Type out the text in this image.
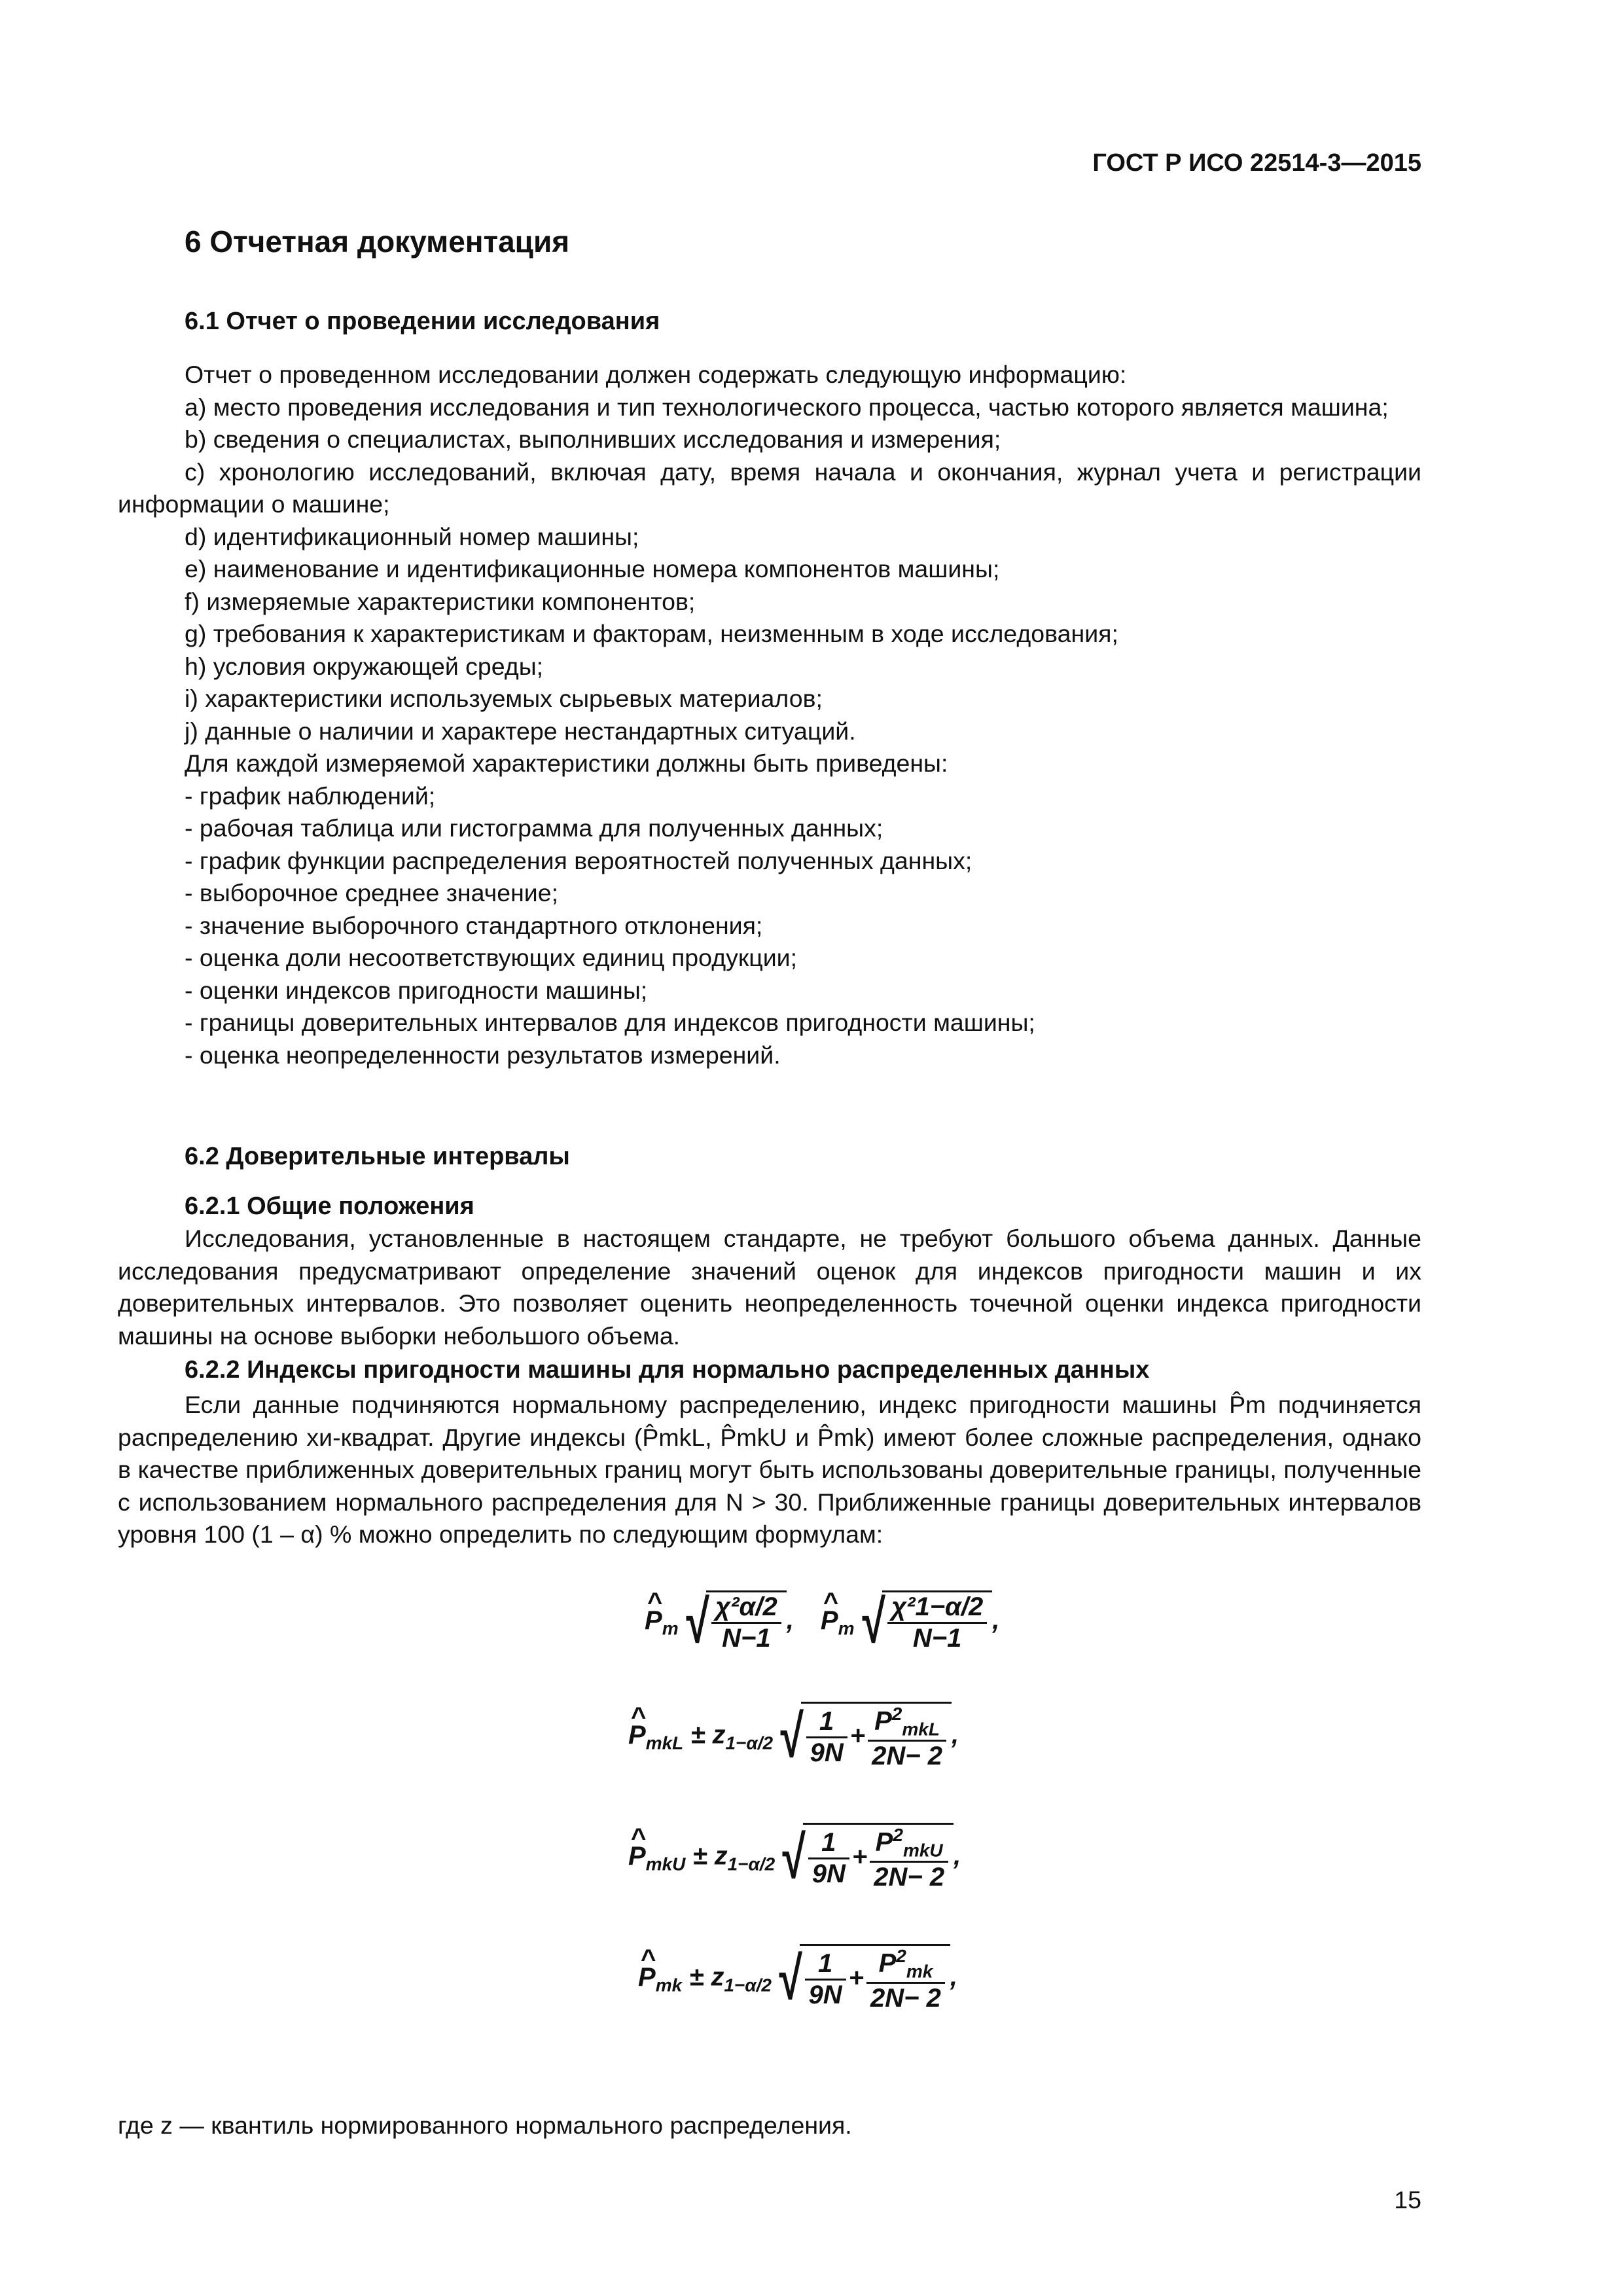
ГОСТ Р ИСО 22514-3—2015
6 Отчетная документация
6.1 Отчет о проведении исследования

Отчет о проведенном исследовании должен содержать следующую информацию:

a) место проведения исследования и тип технологического процесса, частью которого является машина;

b) сведения о специалистах, выполнивших исследования и измерения;

c) хронологию исследований, включая дату, время начала и окончания, журнал учета и регистрации информации о машине;

d) идентификационный номер машины;

e) наименование и идентификационные номера компонентов машины;

f) измеряемые характеристики компонентов;

g) требования к характеристикам и факторам, неизменным в ходе исследования;

h) условия окружающей среды;

i) характеристики используемых сырьевых материалов;

j) данные о наличии и характере нестандартных ситуаций.

Для каждой измеряемой характеристики должны быть приведены:

- график наблюдений;

- рабочая таблица или гистограмма для полученных данных;

- график функции распределения вероятностей полученных данных;

- выборочное среднее значение;

- значение выборочного стандартного отклонения;

- оценка доли несоответствующих единиц продукции;

- оценки индексов пригодности машины;

- границы доверительных интервалов для индексов пригодности машины;

- оценка неопределенности результатов измерений.

6.2 Доверительные интервалы
6.2.1 Общие положения

Исследования, установленные в настоящем стандарте, не требуют большого объема данных. Данные исследования предусматривают определение значений оценок для индексов пригодности машин и их доверительных интервалов. Это позволяет оценить неопределенность точечной оценки индекса пригодности машины на основе выборки небольшого объема.

6.2.2 Индексы пригодности машины для нормально распределенных данных

Если данные подчиняются нормальному распределению, индекс пригодности машины P̂m подчиняется распределению хи-квадрат. Другие индексы (P̂mkL, P̂mkU и P̂mk) имеют более сложные распределения, однако в качестве приближенных доверительных границ могут быть использованы доверительные границы, полученные с использованием нормального распределения для N > 30. Приближенные границы доверительных интервалов уровня 100 (1 – α) % можно определить по следующим формулам:

^ $P_m√ \frac{\text{χ²α/2}}{N-1}$ , ^ $P_m√ \frac{\text{χ²1−α/2}}{N-1}$ ,
^ $P_{mkL} \pm z_{1-\alpha/2}√ \frac{1}{9N} + \frac{P^2_{mkL}}{2N- 2}$ ,
^ $P_{mkU} \pm z_{1-\alpha/2}√ \frac{1}{9N} + \frac{P^2_{mkU}}{2N- 2}$ ,
^ $P_{mk} \pm z_{1-\alpha/2}√ \frac{1}{9N} + \frac{P^2_{mk}}{2N- 2}$ ,
где z — квантиль нормированного нормального распределения.
15
